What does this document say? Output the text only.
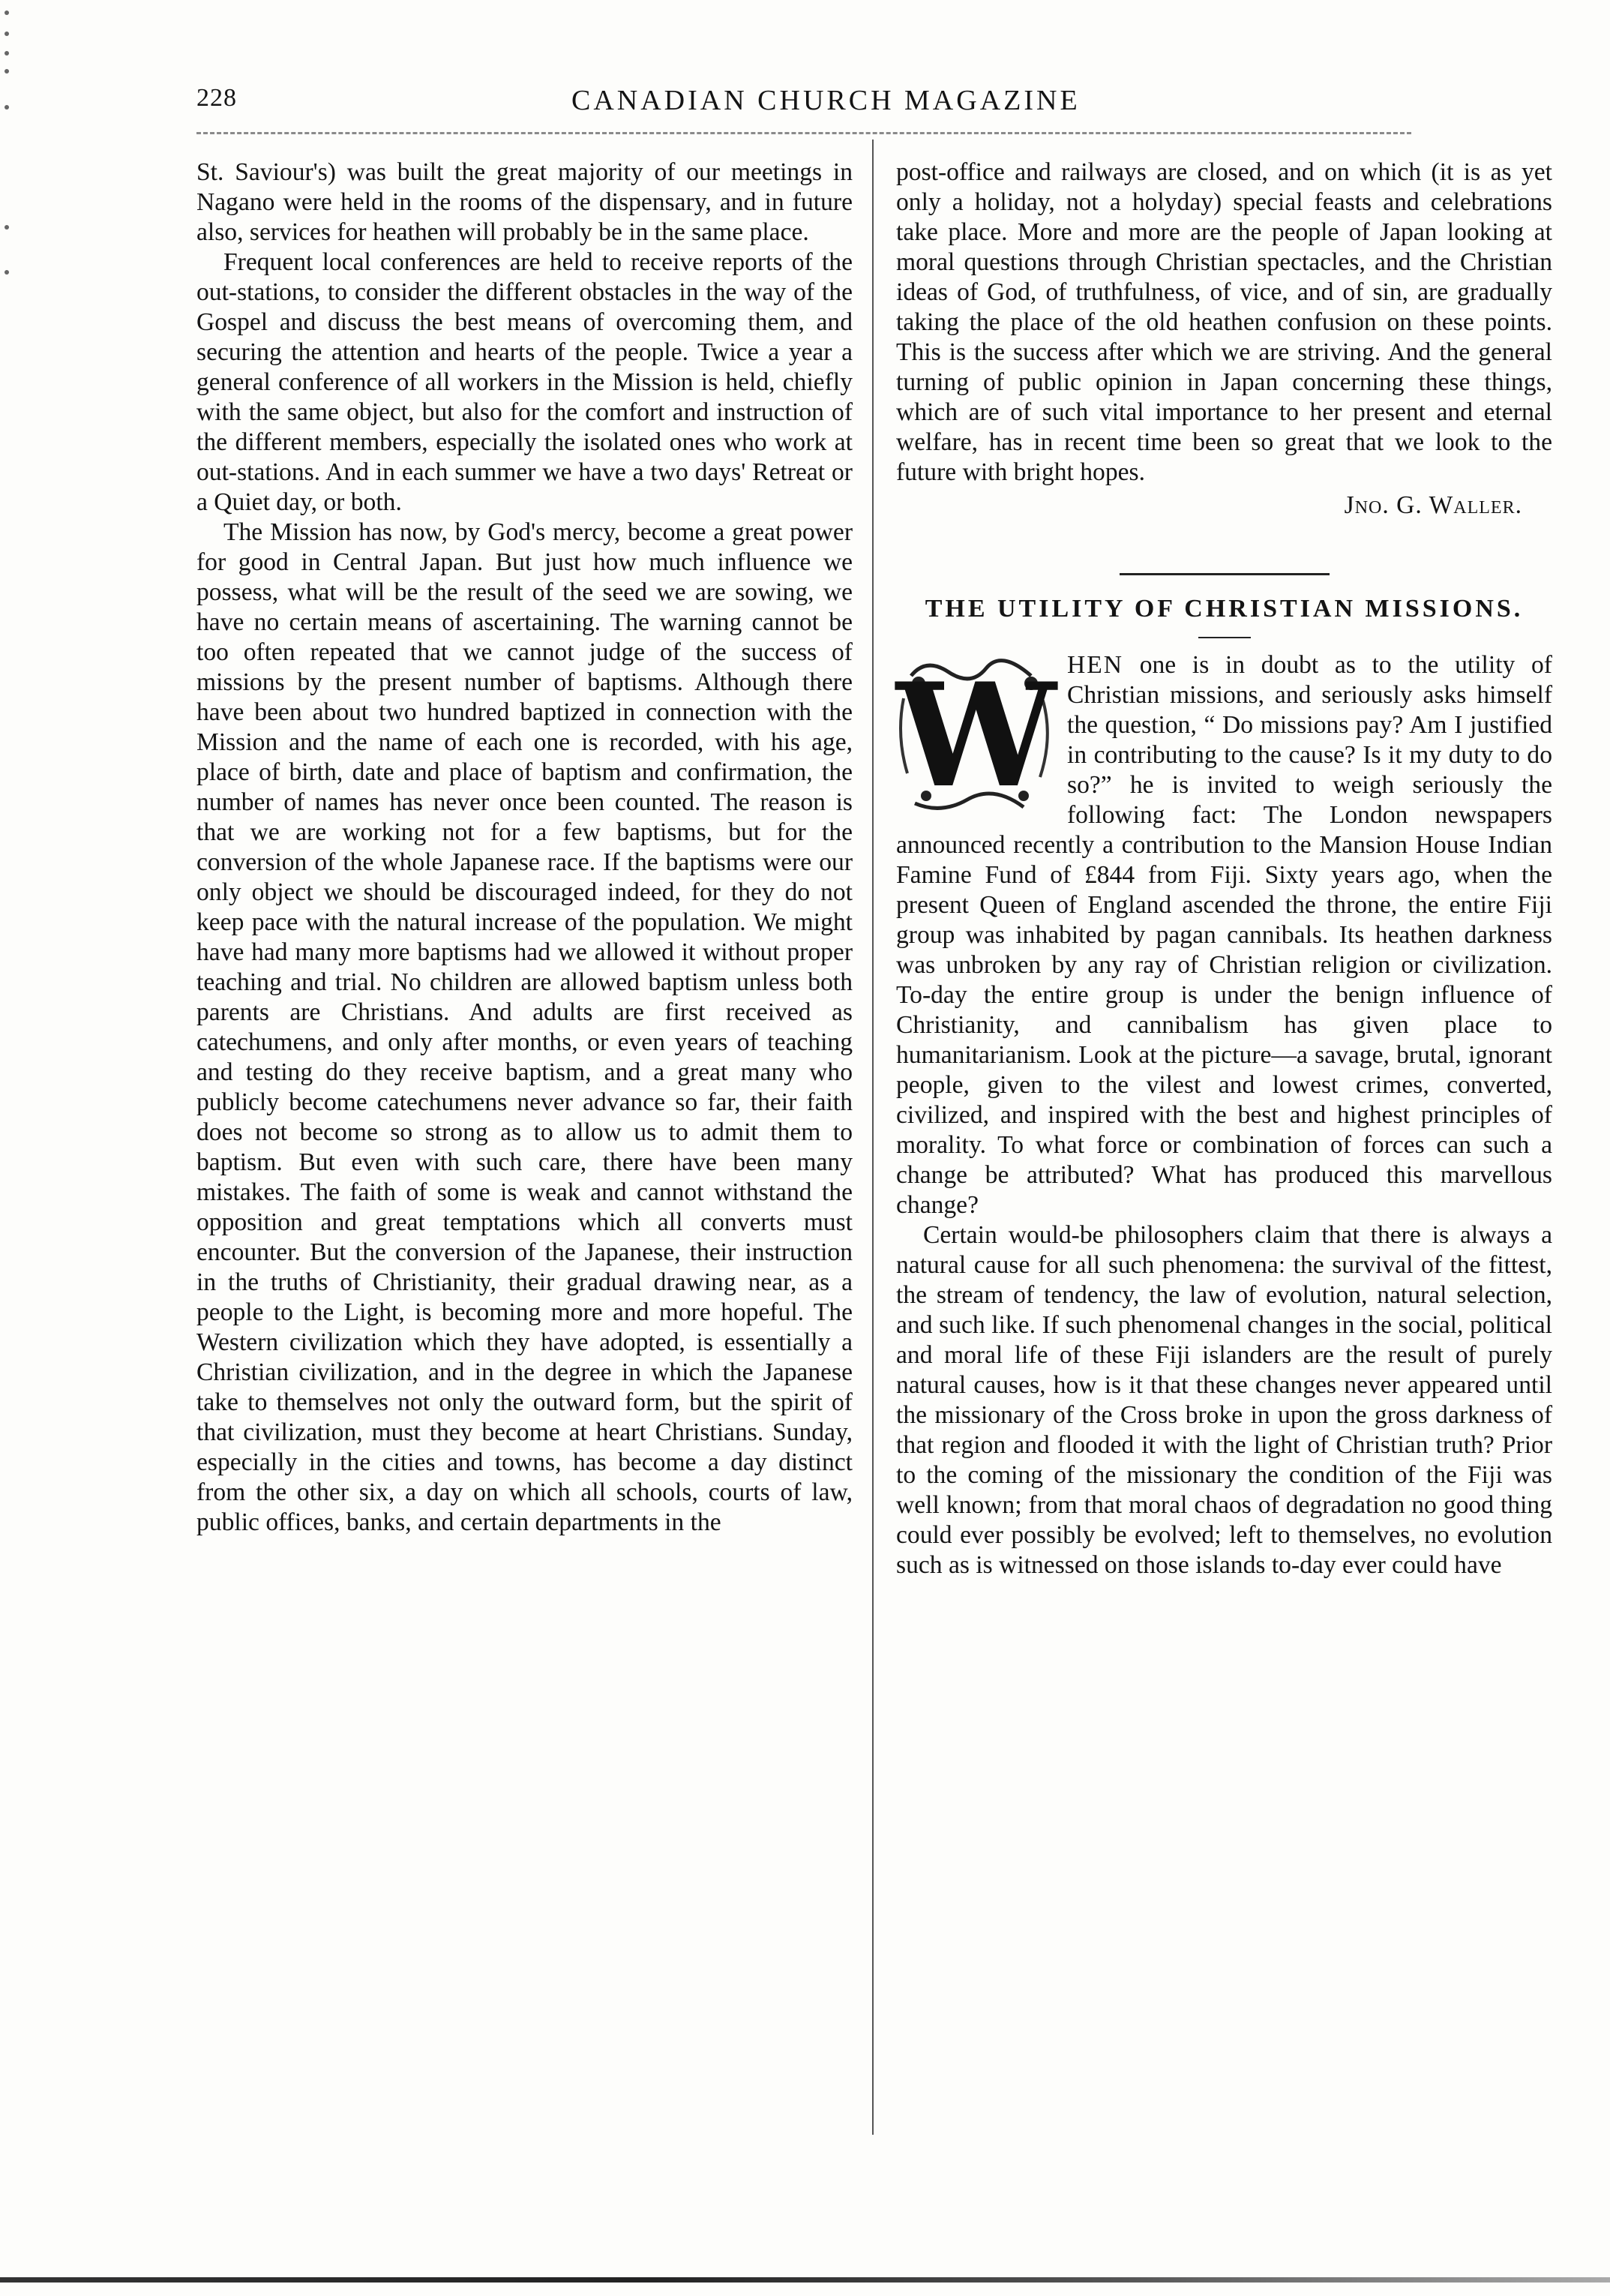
228	CANADIAN CHURCH MAGAZINE

St. Saviour's) was built the great majority of our meetings in Nagano were held in the rooms of the dispensary, and in future also, services for heathen will probably be in the same place.

Frequent local conferences are held to receive reports of the out-stations, to consider the different obstacles in the way of the Gospel and discuss the best means of overcoming them, and securing the attention and hearts of the people. Twice a year a general conference of all workers in the Mission is held, chiefly with the same object, but also for the comfort and instruction of the different members, especially the isolated ones who work at out-stations. And in each summer we have a two days' Retreat or a Quiet day, or both.

The Mission has now, by God's mercy, become a great power for good in Central Japan. But just how much influence we possess, what will be the result of the seed we are sowing, we have no certain means of ascertaining. The warning cannot be too often repeated that we cannot judge of the success of missions by the present number of baptisms. Although there have been about two hundred baptized in connection with the Mission and the name of each one is recorded, with his age, place of birth, date and place of baptism and confirmation, the number of names has never once been counted. The reason is that we are working not for a few baptisms, but for the conversion of the whole Japanese race. If the baptisms were our only object we should be discouraged indeed, for they do not keep pace with the natural increase of the population. We might have had many more baptisms had we allowed it without proper teaching and trial. No children are allowed baptism unless both parents are Christians. And adults are first received as catechumens, and only after months, or even years of teaching and testing do they receive baptism, and a great many who publicly become catechumens never advance so far, their faith does not become so strong as to allow us to admit them to baptism. But even with such care, there have been many mistakes. The faith of some is weak and cannot withstand the opposition and great temptations which all converts must encounter. But the conversion of the Japanese, their instruction in the truths of Christianity, their gradual drawing near, as a people to the Light, is becoming more and more hopeful. The Western civilization which they have adopted, is essentially a Christian civilization, and in the degree in which the Japanese take to themselves not only the outward form, but the spirit of that civilization, must they become at heart Christians. Sunday, especially in the cities and towns, has become a day distinct from the other six, a day on which all schools, courts of law, public offices, banks, and certain departments in the

post-office and railways are closed, and on which (it is as yet only a holiday, not a holyday) special feasts and celebrations take place. More and more are the people of Japan looking at moral questions through Christian spectacles, and the Christian ideas of God, of truthfulness, of vice, and of sin, are gradually taking the place of the old heathen confusion on these points. This is the success after which we are striving. And the general turning of public opinion in Japan concerning these things, which are of such vital importance to her present and eternal welfare, has in recent time been so great that we look to the future with bright hopes.

Jno. G. Waller.
THE UTILITY OF CHRISTIAN MISSIONS.

W HEN one is in doubt as to the utility of Christian missions, and seriously asks himself the question, “ Do missions pay? Am I justified in contributing to the cause? Is it my duty to do so?” he is invited to weigh seriously the following fact: The London newspapers announced recently a contribution to the Mansion House Indian Famine Fund of £844 from Fiji. Sixty years ago, when the present Queen of England ascended the throne, the entire Fiji group was inhabited by pagan cannibals. Its heathen darkness was unbroken by any ray of Christian religion or civilization. To-day the entire group is under the benign influence of Christianity, and cannibalism has given place to humanitarianism. Look at the picture—a savage, brutal, ignorant people, given to the vilest and lowest crimes, converted, civilized, and inspired with the best and highest principles of morality. To what force or combination of forces can such a change be attributed? What has produced this marvellous change?

Certain would-be philosophers claim that there is always a natural cause for all such phenomena: the survival of the fittest, the stream of tendency, the law of evolution, natural selection, and such like. If such phenomenal changes in the social, political and moral life of these Fiji islanders are the result of purely natural causes, how is it that these changes never appeared until the missionary of the Cross broke in upon the gross darkness of that region and flooded it with the light of Christian truth? Prior to the coming of the missionary the condition of the Fiji was well known; from that moral chaos of degradation no good thing could ever possibly be evolved; left to themselves, no evolution such as is witnessed on those islands to-day ever could have
